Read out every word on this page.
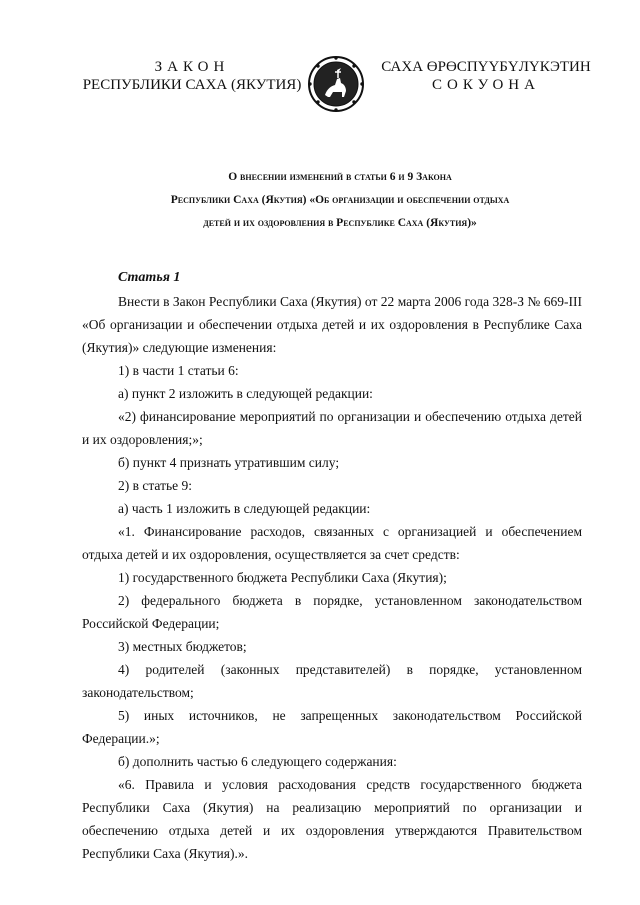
ЗАКОН
РЕСПУБЛИКИ САХА (ЯКУТИЯ)
САХА ӨРӨСПҮҮБҮЛҮКЭТИН
СОКУОНА
О внесении изменений в статьи 6 и 9 Закона
Республики Саха (Якутия) «Об организации и обеспечении отдыха
детей и их оздоровления в Республике Саха (Якутия)»
Статья 1

Внести в Закон Республики Саха (Якутия) от 22 марта 2006 года 328-З № 669-III «Об организации и обеспечении отдыха детей и их оздоровления в Республике Саха (Якутия)» следующие изменения:

1) в части 1 статьи 6:

а) пункт 2 изложить в следующей редакции:

«2) финансирование мероприятий по организации и обеспечению отдыха детей и их оздоровления;»;

б) пункт 4 признать утратившим силу;

2) в статье 9:

а) часть 1 изложить в следующей редакции:

«1. Финансирование расходов, связанных с организацией и обеспечением отдыха детей и их оздоровления, осуществляется за счет средств:

1) государственного бюджета Республики Саха (Якутия);

2) федерального бюджета в порядке, установленном законодательством Российской Федерации;

3) местных бюджетов;

4) родителей (законных представителей) в порядке, установленном законодательством;

5) иных источников, не запрещенных законодательством Российской Федерации.»;

б) дополнить частью 6 следующего содержания:

«6. Правила и условия расходования средств государственного бюджета Республики Саха (Якутия) на реализацию мероприятий по организации и обеспечению отдыха детей и их оздоровления утверждаются Правительством Республики Саха (Якутия).».
